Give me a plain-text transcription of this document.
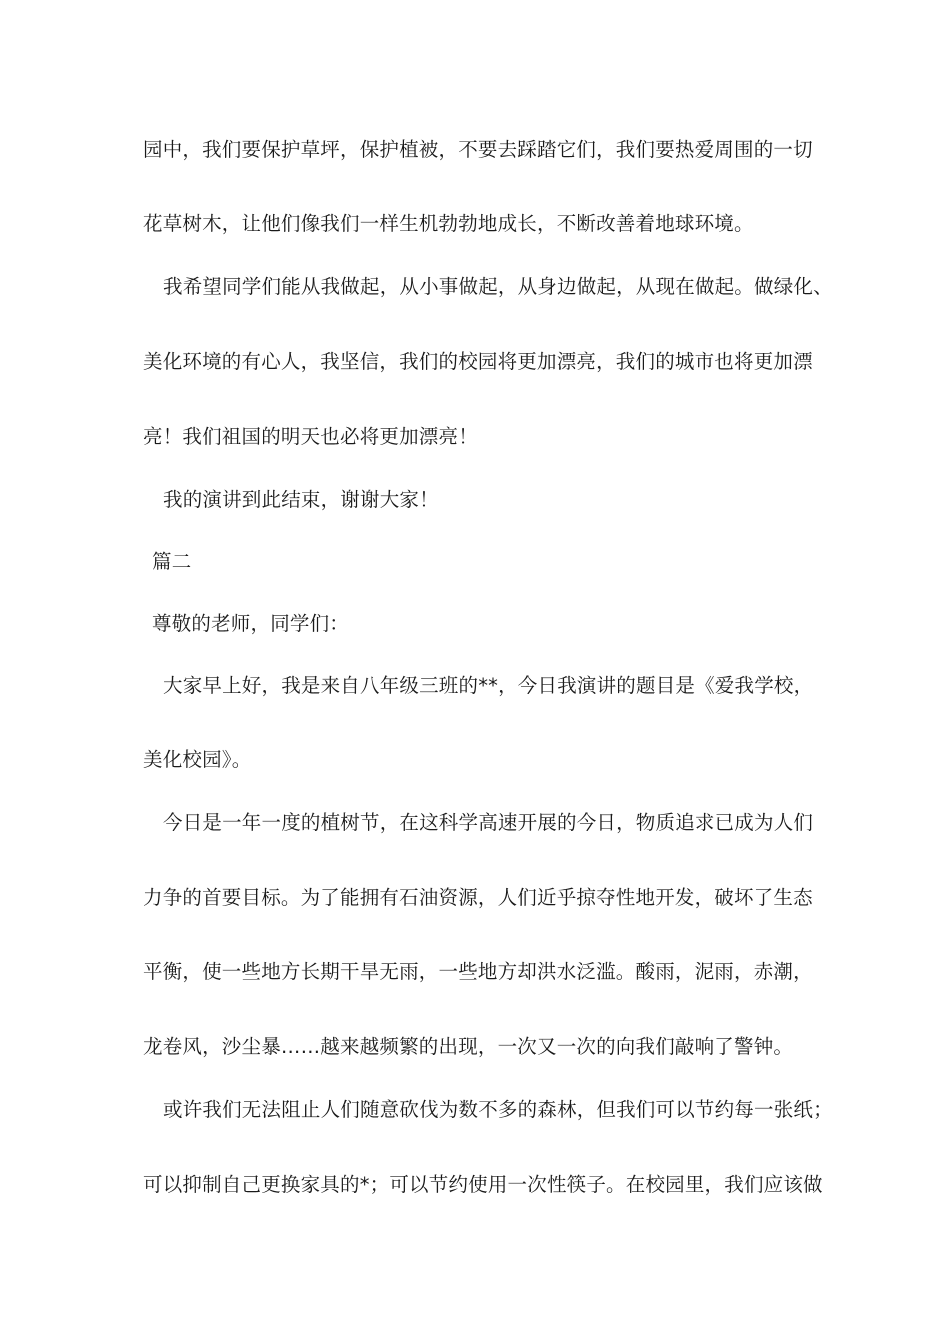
园中，我们要保护草坪，保护植被，不要去踩踏它们，我们要热爱周围的一切
花草树木，让他们像我们一样生机勃勃地成长，不断改善着地球环境。
我希望同学们能从我做起，从小事做起，从身边做起，从现在做起。做绿化、
美化环境的有心人，我坚信，我们的校园将更加漂亮，我们的城市也将更加漂
亮！我们祖国的明天也必将更加漂亮！
我的演讲到此结束，谢谢大家！
篇二
尊敬的老师，同学们：
大家早上好，我是来自八年级三班的**，今日我演讲的题目是《爱我学校，
美化校园》。
今日是一年一度的植树节，在这科学高速开展的今日，物质追求已成为人们
力争的首要目标。为了能拥有石油资源，人们近乎掠夺性地开发，破坏了生态
平衡，使一些地方长期干旱无雨，一些地方却洪水泛滥。酸雨，泥雨，赤潮，
龙卷风，沙尘暴……越来越频繁的出现，一次又一次的向我们敲响了警钟。
或许我们无法阻止人们随意砍伐为数不多的森林，但我们可以节约每一张纸；
可以抑制自己更换家具的*；可以节约使用一次性筷子。在校园里，我们应该做
